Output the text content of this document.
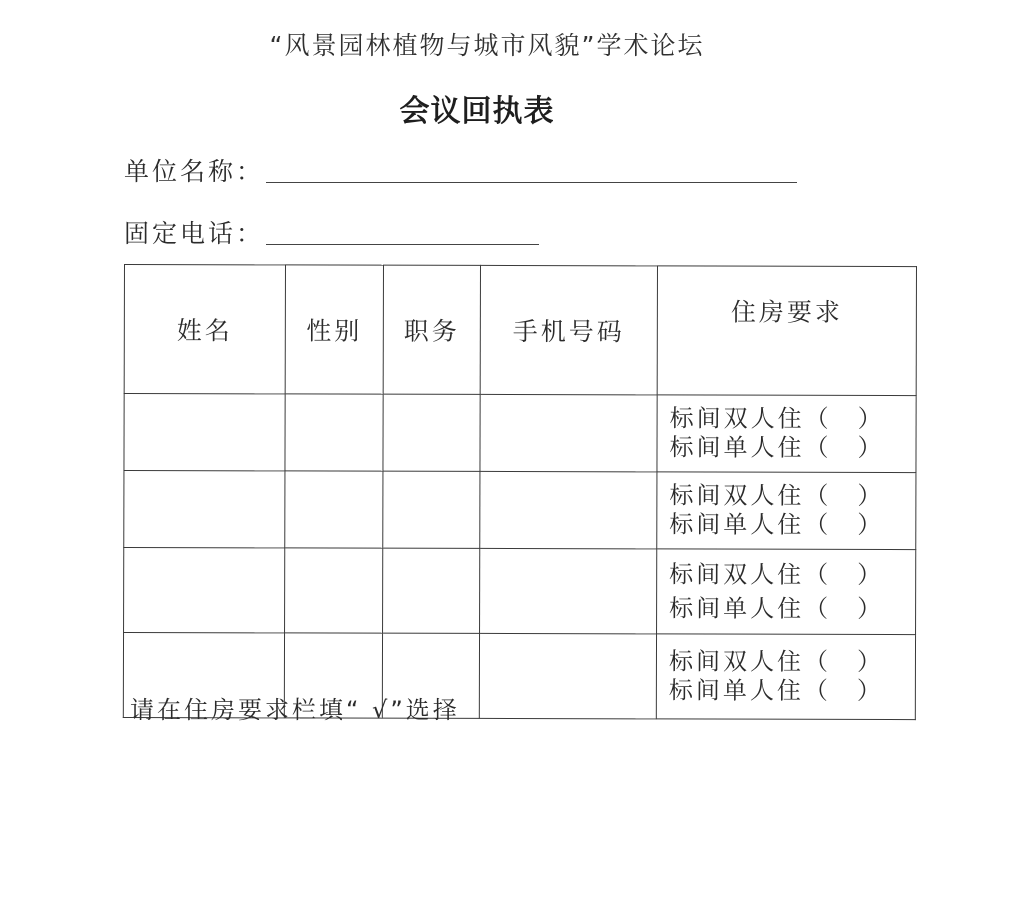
“风景园林植物与城市风貌”学术论坛
会议回执表
单位名称：
固定电话：
姓名	性别	职务	手机号码	住房要求

				标间双人住（ ）
标间单人住（ ）

				标间双人住（ ）
标间单人住（ ）

				标间双人住（ ）
标间单人住（ ）

				标间双人住（ ）
标间单人住（ ）
请在住房要求栏填“ √”选择
